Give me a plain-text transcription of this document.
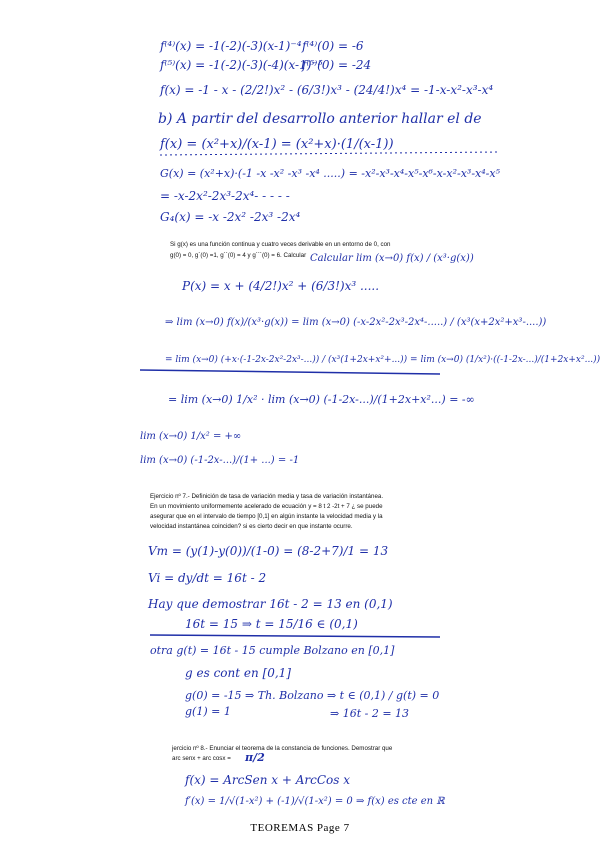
f⁽⁴⁾(x) = -1(-2)(-3)(x-1)⁻⁴ f⁽⁴⁾(0) = -6
f⁽⁵⁾(x) = -1(-2)(-3)(-4)(x-1)⁻⁵
f⁽⁵⁾(0) = -24
f(x) = -1 - x - (2/2!)x² - (6/3!)x³ - (24/4!)x⁴ = -1-x-x²-x³-x⁴
b) A partir del desarrollo anterior hallar el de
f(x) = (x²+x)/(x-1) = (x²+x)·(1/(x-1))
G(x) = (x²+x)·(-1 -x -x² -x³ -x⁴ .....) = -x²-x³-x⁴-x⁵-x⁶-x-x²-x³-x⁴-x⁵
= -x-2x²-2x³-2x⁴- - - - -
G₄(x) = -x -2x² -2x³ -2x⁴
Si g(x) es una función continua y cuatro veces derivable en un entorno de 0, con
g(0) = 0, g´(0) =1, g´´(0) = 4 y g´´´(0) = 6. Calcular Calcular lim (x→0) f(x) / (x³·g(x))
P(x) = x + (4/2!)x² + (6/3!)x³ .....
⇒ lim (x→0) f(x)/(x³·g(x)) = lim (x→0) (-x-2x²-2x³-2x⁴-.....) / (x³(x+2x²+x³-....))
= lim (x→0) (+x·(-1-2x-2x²-2x³-...)) / (x³(1+2x+x²+...)) = lim (x→0) (1/x²)·((-1-2x-...)/(1+2x+x²...))
= lim (x→0) 1/x² · lim (x→0) (-1-2x-...)/(1+2x+x²...) = -∞
lim (x→0) 1/x² = +∞
lim (x→0) (-1-2x-...)/(1+ ...) = -1
Ejercicio nº 7.- Definición de tasa de variación media y tasa de variación instantánea.
En un movimiento uniformemente acelerado de ecuación y = 8 t 2 -2t + 7 ¿ se puede
asegurar que en el intervalo de tiempo [0,1] en algún instante la velocidad media y la
velocidad instantánea coinciden? si es cierto decir en que instante ocurre.
Vm = (y(1)-y(0))/(1-0) = (8-2+7)/1 = 13
Vi = dy/dt = 16t - 2
Hay que demostrar 16t - 2 = 13 en (0,1)
16t = 15 ⇒ t = 15/16 ∈ (0,1)
otra g(t) = 16t - 15 cumple Bolzano en [0,1]
g es cont en [0,1]
g(0) = -15 ⇒ Th. Bolzano ⇒ t ∈ (0,1) / g(t) = 0
g(1) = 1	⇒ 16t - 2 = 13
jercicio nº 8.- Enunciar el teorema de la constancia de funciones. Demostrar que
arc senx + arc cosx = π/2
f(x) = ArcSen x + ArcCos x
f′(x) = 1/√(1-x²) + (-1)/√(1-x²) = 0 ⇒ f(x) es cte en ℝ
TEOREMAS Page 7
